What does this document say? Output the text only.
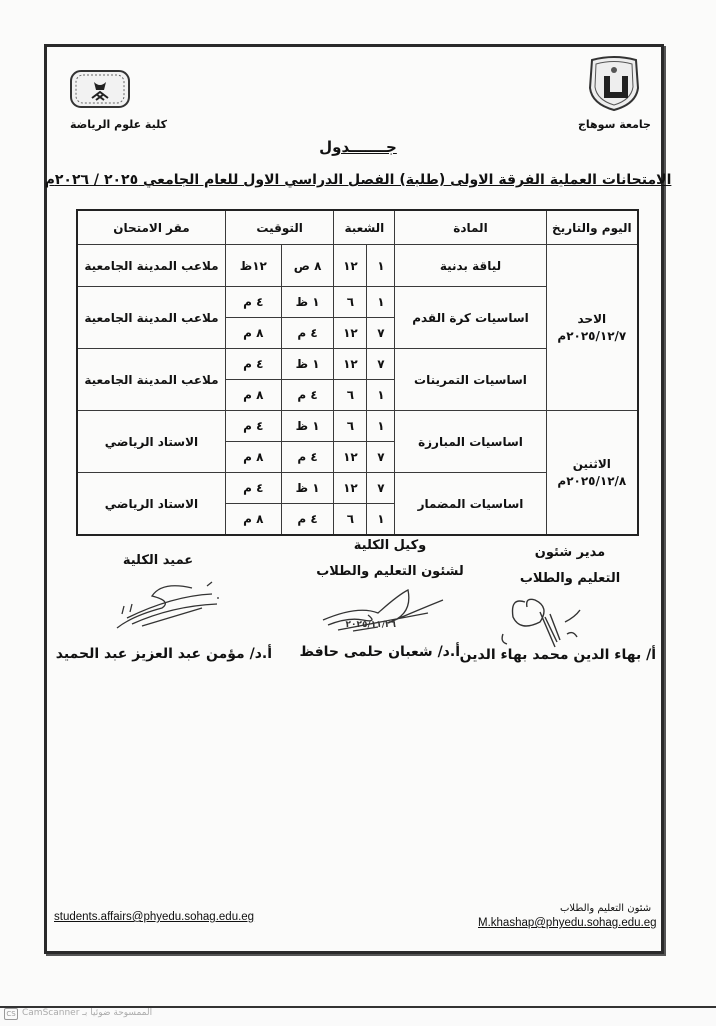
جامعة سوهاج
كلية علوم الرياضة
جـــــــدول
الامتحانات العملية الفرقة الاولى (طلبة) الفصل الدراسي الاول للعام الجامعي ٢٠٢٥ / ٢٠٢٦م
اليوم والتاريخ	المادة	الشعبة		التوقيت		مقر الامتحان

الاحد
٢٠٢٥/١٢/٧م	لياقة بدنية	١	١٢	٨ ص	١٢ظ	ملاعب المدينة الجامعية
	اساسيات كرة القدم	١	٦	١ ظ	٤ م	ملاعب المدينة الجامعية
		٧	١٢	٤ م	٨ م	
	اساسيات التمرينات	٧	١٢	١ ظ	٤ م	ملاعب المدينة الجامعية
		١	٦	٤ م	٨ م	

الاثنين
٢٠٢٥/١٢/٨م	اساسيات المبارزة	١	٦	١ ظ	٤ م	الاستاد الرياضي
		٧	١٢	٤ م	٨ م	
	اساسيات المضمار	٧	١٢	١ ظ	٤ م	الاستاد الرياضي
		١	٦	٤ م	٨ م	
مدير شئون
التعليم والطلاب
أ/ بهاء الدين محمد بهاء الدين
وكيل الكلية
لشئون التعليم والطلاب
٢٠٢٥/١١/٢٦
أ.د/ شعبان حلمى حافظ
عميد الكلية
أ.د/ مؤمن عبد العزيز عبد الحميد
شئون التعليم والطلاب
M.khashap@phyedu.sohag.edu.eg
students.affairs@phyedu.sohag.edu.eg
CS CamScanner الممسوحة ضوئيا بـ
